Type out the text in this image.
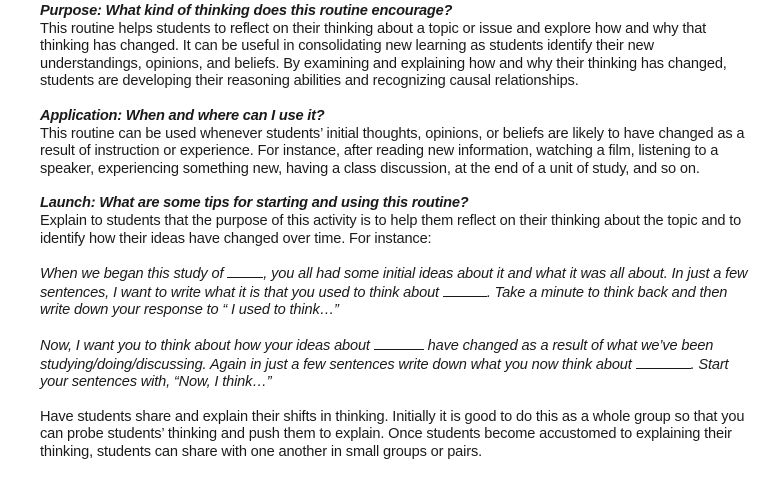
Purpose: What kind of thinking does this routine encourage?

This routine helps students to reflect on their thinking about a topic or issue and explore how and why that thinking has changed. It can be useful in consolidating new learning as students identify their new understandings, opinions, and beliefs. By examining and explaining how and why their thinking has changed, students are developing their reasoning abilities and recognizing causal relationships.

Application: When and where can I use it?

This routine can be used whenever students’ initial thoughts, opinions, or beliefs are likely to have changed as a result of instruction or experience. For instance, after reading new information, watching a film, listening to a speaker, experiencing something new, having a class discussion, at the end of a unit of study, and so on.

Launch: What are some tips for starting and using this routine?

Explain to students that the purpose of this activity is to help them reflect on their thinking about the topic and to identify how their ideas have changed over time. For instance:

When we began this study of , you all had some initial ideas about it and what it was all about. In just a few sentences, I want to write what it is that you used to think about	. Take a minute to think back and then write down your response to “ I used to think…”

Now, I want you to think about how your ideas about	have changed as a result of what we’ve been studying/doing/discussing. Again in just a few sentences write down what you now think about	. Start your sentences with, “Now, I think…”

Have students share and explain their shifts in thinking. Initially it is good to do this as a whole group so that you can probe students’ thinking and push them to explain. Once students become accustomed to explaining their thinking, students can share with one another in small groups or pairs.
